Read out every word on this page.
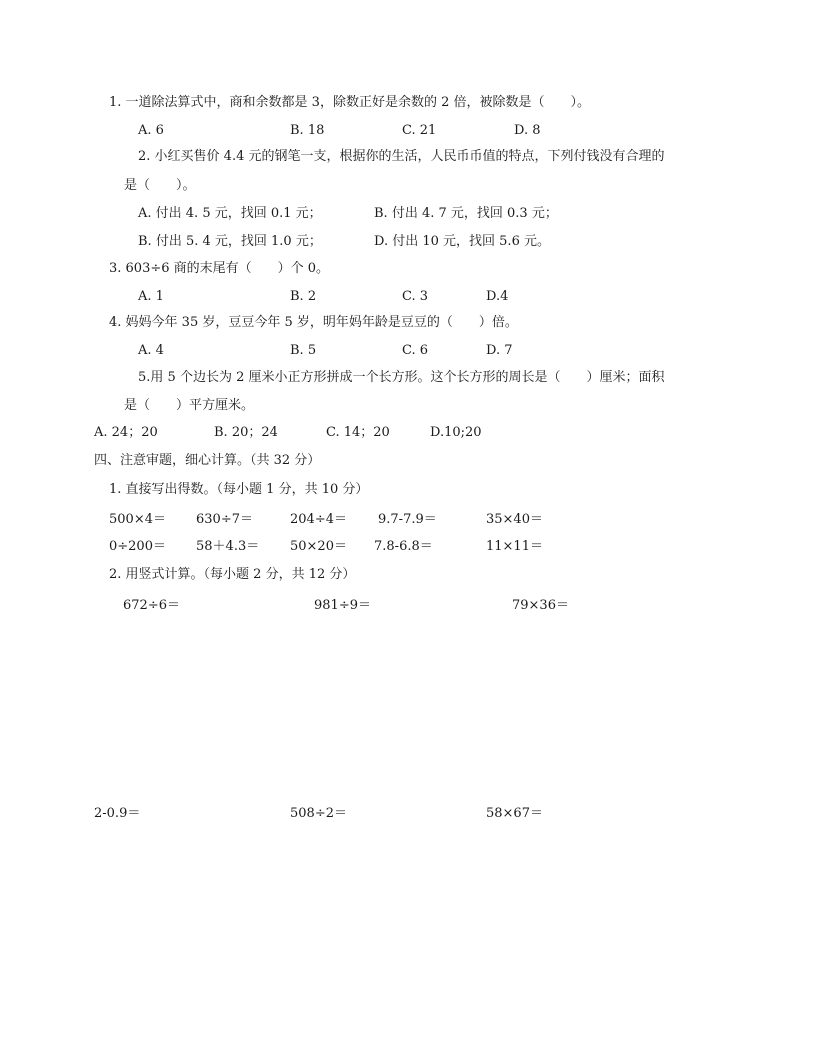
1. 一道除法算式中，商和余数都是 3，除数正好是余数的 2 倍，被除数是（　　）。
A. 6	B. 18	C. 21	D. 8
2. 小红买售价 4.4 元的钢笔一支，根据你的生活，人民币币值的特点，下列付钱没有合理的
是（　　）。
A. 付出 4. 5 元，找回 0.1 元；	B. 付出 4. 7 元，找回 0.3 元；
B. 付出 5. 4 元，找回 1.0 元；	D. 付出 10 元，找回 5.6 元。
3. 603÷6 商的末尾有（　　）个 0。
A. 1	B. 2	C. 3	D.4
4. 妈妈今年 35 岁，豆豆今年 5 岁，明年妈年龄是豆豆的（　　）倍。
A. 4	B. 5	C. 6	D. 7
5.用 5 个边长为 2 厘米小正方形拼成一个长方形。这个长方形的周长是（　　）厘米；面积
是（　　）平方厘米。
A. 24；20	B. 20；24	C. 14；20	D.10;20
四、注意审题，细心计算。（共 32 分）
1. 直接写出得数。（每小题 1 分，共 10 分）
500×4＝ 630÷7＝	204÷4＝ 9.7-7.9＝	35×40＝
0÷200＝ 58＋4.3＝ 50×20＝ 7.8-6.8＝	11×11＝
2. 用竖式计算。（每小题 2 分，共 12 分）
672÷6＝	981÷9＝	79×36＝
2-0.9＝	508÷2＝	58×67＝
